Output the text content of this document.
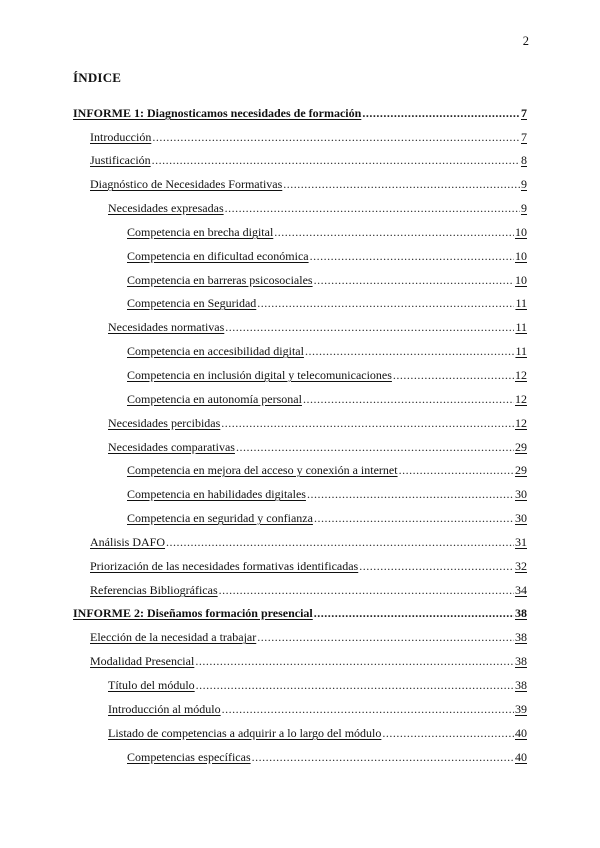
2
ÍNDICE
INFORME 1: Diagnosticamos necesidades de formación .....	7
Introducción .....	7
Justificación .....	8
Diagnóstico de Necesidades Formativas .....	9
Necesidades expresadas .....	9
Competencia en brecha digital .....	10
Competencia en dificultad económica .....	10
Competencia en barreras psicosociales .....	10
Competencia en Seguridad .....	11
Necesidades normativas .....	11
Competencia en accesibilidad digital .....	11
Competencia en inclusión digital y telecomunicaciones .....	12
Competencia en autonomía personal .....	12
Necesidades percibidas .....	12
Necesidades comparativas .....	29
Competencia en mejora del acceso y conexión a internet .....	29
Competencia en habilidades digitales .....	30
Competencia en seguridad y confianza .....	30
Análisis DAFO .....	31
Priorización de las necesidades formativas identificadas .....	32
Referencias Bibliográficas .....	34
INFORME 2: Diseñamos formación presencial .....	38
Elección de la necesidad a trabajar .....	38
Modalidad Presencial .....	38
Título del módulo .....	38
Introducción al módulo .....	39
Listado de competencias a adquirir a lo largo del módulo .....	40
Competencias específicas .....	40
